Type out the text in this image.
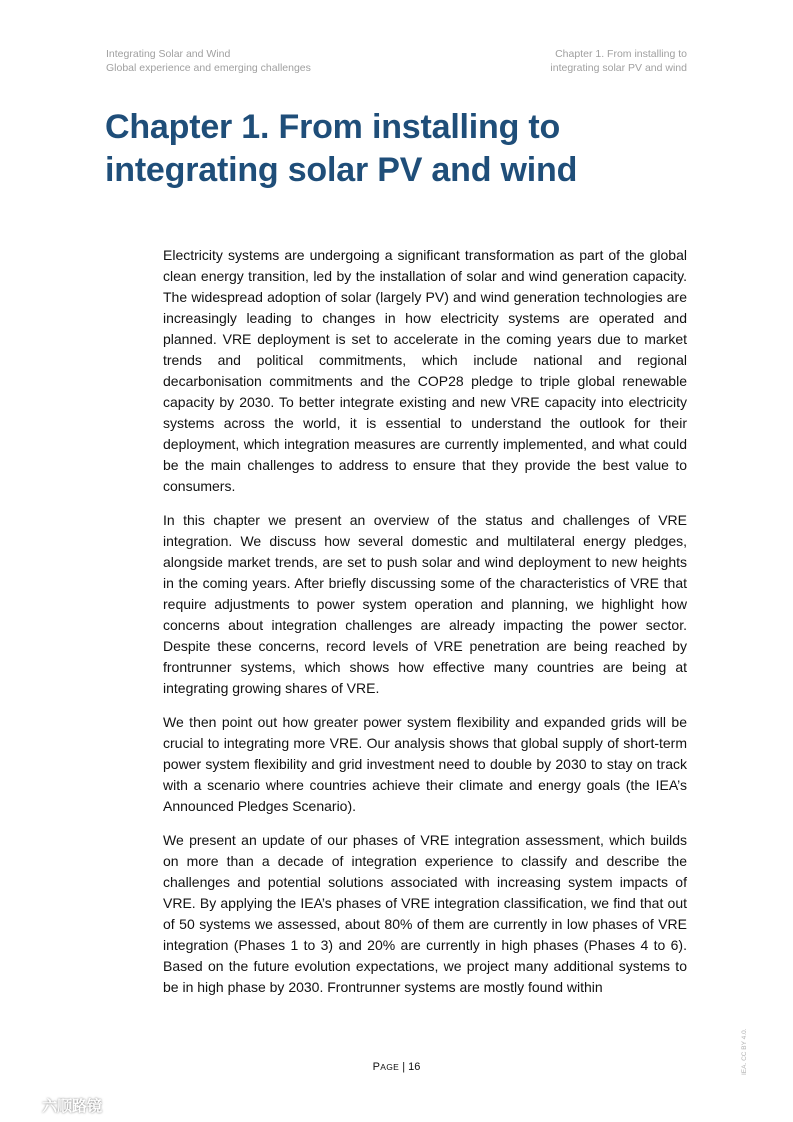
Integrating Solar and Wind
Global experience and emerging challenges
Chapter 1. From installing to
integrating solar PV and wind
Chapter 1. From installing to
integrating solar PV and wind

Electricity systems are undergoing a significant transformation as part of the global clean energy transition, led by the installation of solar and wind generation capacity. The widespread adoption of solar (largely PV) and wind generation technologies are increasingly leading to changes in how electricity systems are operated and planned. VRE deployment is set to accelerate in the coming years due to market trends and political commitments, which include national and regional decarbonisation commitments and the COP28 pledge to triple global renewable capacity by 2030. To better integrate existing and new VRE capacity into electricity systems across the world, it is essential to understand the outlook for their deployment, which integration measures are currently implemented, and what could be the main challenges to address to ensure that they provide the best value to consumers.

In this chapter we present an overview of the status and challenges of VRE integration. We discuss how several domestic and multilateral energy pledges, alongside market trends, are set to push solar and wind deployment to new heights in the coming years. After briefly discussing some of the characteristics of VRE that require adjustments to power system operation and planning, we highlight how concerns about integration challenges are already impacting the power sector. Despite these concerns, record levels of VRE penetration are being reached by frontrunner systems, which shows how effective many countries are being at integrating growing shares of VRE.

We then point out how greater power system flexibility and expanded grids will be crucial to integrating more VRE. Our analysis shows that global supply of short-term power system flexibility and grid investment need to double by 2030 to stay on track with a scenario where countries achieve their climate and energy goals (the IEA’s Announced Pledges Scenario).

We present an update of our phases of VRE integration assessment, which builds on more than a decade of integration experience to classify and describe the challenges and potential solutions associated with increasing system impacts of VRE. By applying the IEA’s phases of VRE integration classification, we find that out of 50 systems we assessed, about 80% of them are currently in low phases of VRE integration (Phases 1 to 3) and 20% are currently in high phases (Phases 4 to 6). Based on the future evolution expectations, we project many additional systems to be in high phase by 2030. Frontrunner systems are mostly found within

PAGE | 16	IEA. CC BY 4.0.
六顺路镜
